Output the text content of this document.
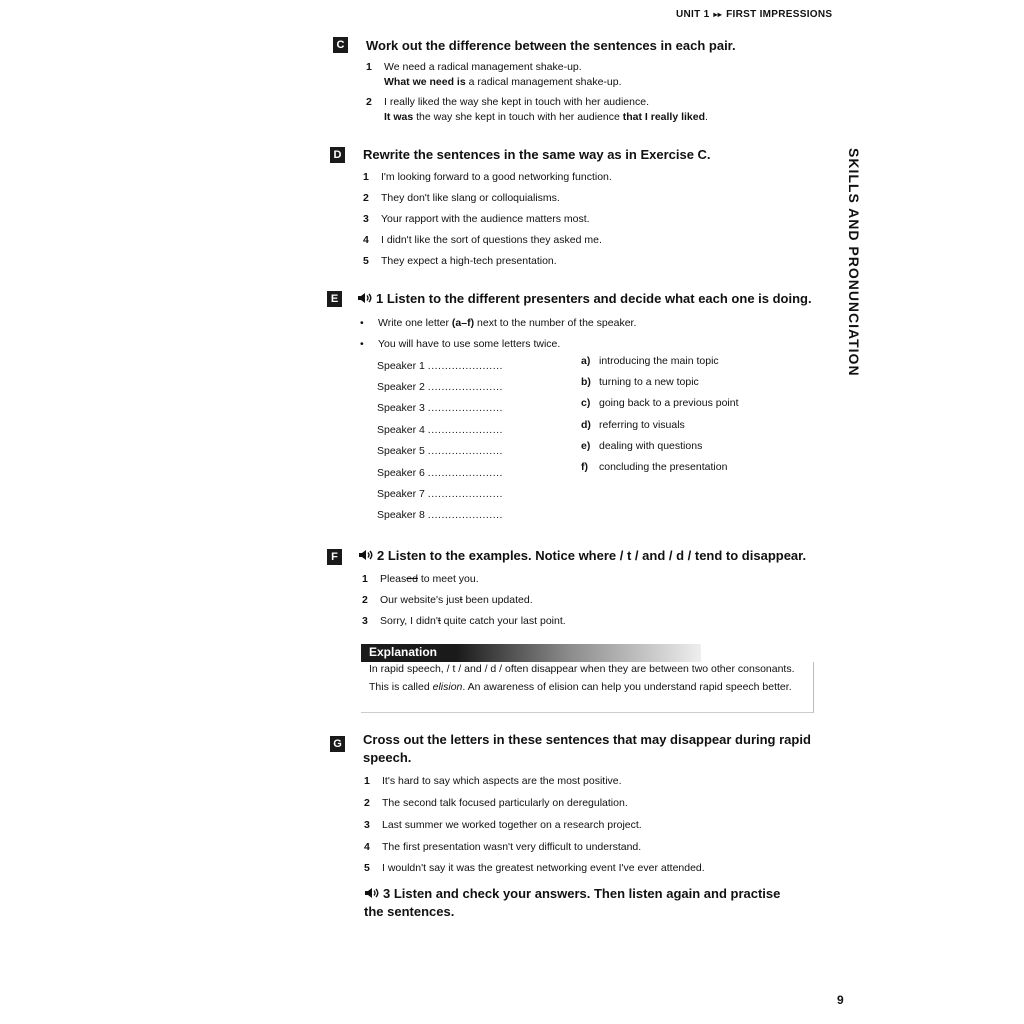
UNIT 1 ▸▸ FIRST IMPRESSIONS
SKILLS AND PRONUNCIATION
C Work out the difference between the sentences in each pair.
1 We need a radical management shake-up.
What we need is a radical management shake-up.
2 I really liked the way she kept in touch with her audience.
It was the way she kept in touch with her audience that I really liked.
D Rewrite the sentences in the same way as in Exercise C.
1 I'm looking forward to a good networking function.
2 They don't like slang or colloquialisms.
3 Your rapport with the audience matters most.
4 I didn't like the sort of questions they asked me.
5 They expect a high-tech presentation.
E	1 Listen to the different presenters and decide what each one is doing.
• Write one letter (a–f) next to the number of the speaker.
• You will have to use some letters twice.
Speaker 1 ......................
Speaker 2 ......................
Speaker 3 ......................
Speaker 4 ......................
Speaker 5 ......................
Speaker 6 ......................
Speaker 7 ......................
Speaker 8 ......................
a) introducing the main topic
b) turning to a new topic
c) going back to a previous point
d) referring to visuals
e) dealing with questions
f) concluding the presentation
F	2 Listen to the examples. Notice where / t / and / d / tend to disappear.
1 Pleased to meet you.
2 Our website's just been updated.
3 Sorry, I didn't quite catch your last point.
Explanation
In rapid speech, / t / and / d / often disappear when they are between two other consonants. This is called elision. An awareness of elision can help you understand rapid speech better.
G Cross out the letters in these sentences that may disappear during rapid speech.
1 It's hard to say which aspects are the most positive.
2 The second talk focused particularly on deregulation.
3 Last summer we worked together on a research project.
4 The first presentation wasn't very difficult to understand.
5 I wouldn't say it was the greatest networking event I've ever attended.
3 Listen and check your answers. Then listen again and practise the sentences.
9
